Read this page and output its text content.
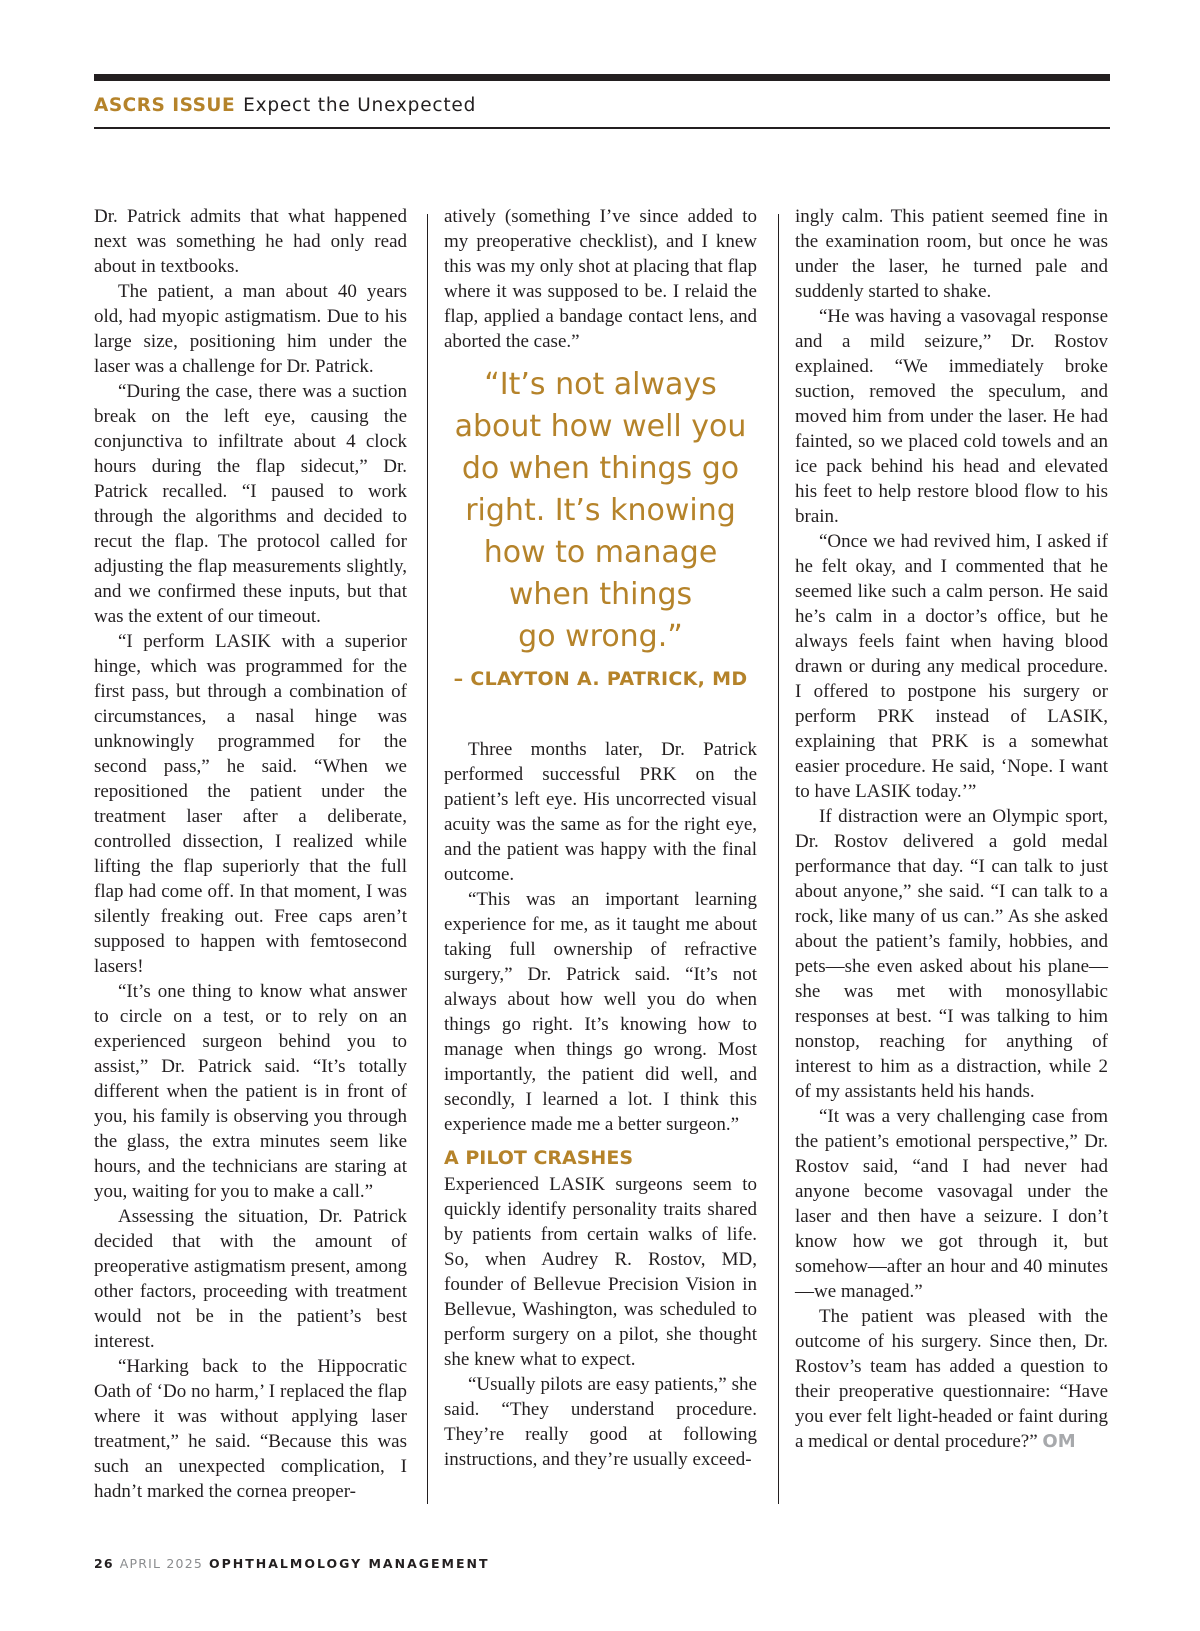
ASCRS ISSUE Expect the Unexpected

Dr. Patrick admits that what happened next was something he had only read about in textbooks.

The patient, a man about 40 years old, had myopic astigmatism. Due to his large size, positioning him under the laser was a challenge for Dr. Patrick.

“During the case, there was a suction break on the left eye, causing the conjunctiva to infiltrate about 4 clock hours during the flap sidecut,” Dr. Patrick recalled. “I paused to work through the algorithms and decided to recut the flap. The protocol called for adjusting the flap measurements slightly, and we confirmed these inputs, but that was the extent of our timeout.

“I perform LASIK with a superior hinge, which was programmed for the first pass, but through a combination of circumstances, a nasal hinge was unknowingly programmed for the second pass,” he said. “When we repositioned the patient under the treatment laser after a deliberate, controlled dissection, I realized while lifting the flap superiorly that the full flap had come off. In that moment, I was silently freaking out. Free caps aren’t supposed to happen with femtosecond lasers!

“It’s one thing to know what answer to circle on a test, or to rely on an experienced surgeon behind you to assist,” Dr. Patrick said. “It’s totally different when the patient is in front of you, his family is observing you through the glass, the extra minutes seem like hours, and the technicians are staring at you, waiting for you to make a call.”

Assessing the situation, Dr. Patrick decided that with the amount of preoperative astigmatism present, among other factors, proceeding with treatment would not be in the patient’s best interest.

“Harking back to the Hippocratic Oath of ‘Do no harm,’ I replaced the flap where it was without applying laser treatment,” he said. “Because this was such an unexpected complication, I hadn’t marked the cornea preoper-

atively (something I’ve since added to my preoperative checklist), and I knew this was my only shot at placing that flap where it was supposed to be. I relaid the flap, applied a bandage contact lens, and aborted the case.”

“It’s not always
about how well you
do when things go
right. It’s knowing
how to manage
when things
go wrong.”
– CLAYTON A. PATRICK, MD

Three months later, Dr. Patrick performed successful PRK on the patient’s left eye. His uncorrected visual acuity was the same as for the right eye, and the patient was happy with the final outcome.

“This was an important learning experience for me, as it taught me about taking full ownership of refractive surgery,” Dr. Patrick said. “It’s not always about how well you do when things go right. It’s knowing how to manage when things go wrong. Most importantly, the patient did well, and secondly, I learned a lot. I think this experience made me a better surgeon.”

A PILOT CRASHES

Experienced LASIK surgeons seem to quickly identify personality traits shared by patients from certain walks of life. So, when Audrey R. Rostov, MD, founder of Bellevue Precision Vision in Bellevue, Washington, was scheduled to perform surgery on a pilot, she thought she knew what to expect.

“Usually pilots are easy patients,” she said. “They understand procedure. They’re really good at following instructions, and they’re usually exceed-

ingly calm. This patient seemed fine in the examination room, but once he was under the laser, he turned pale and suddenly started to shake.

“He was having a vasovagal response and a mild seizure,” Dr. Rostov explained. “We immediately broke suction, removed the speculum, and moved him from under the laser. He had fainted, so we placed cold towels and an ice pack behind his head and elevated his feet to help restore blood flow to his brain.

“Once we had revived him, I asked if he felt okay, and I commented that he seemed like such a calm person. He said he’s calm in a doctor’s office, but he always feels faint when having blood drawn or during any medical procedure. I offered to postpone his surgery or perform PRK instead of LASIK, explaining that PRK is a somewhat easier procedure. He said, ‘Nope. I want to have LASIK today.’”

If distraction were an Olympic sport, Dr. Rostov delivered a gold medal performance that day. “I can talk to just about anyone,” she said. “I can talk to a rock, like many of us can.” As she asked about the patient’s family, hobbies, and pets—she even asked about his plane—she was met with monosyllabic responses at best. “I was talking to him nonstop, reaching for anything of interest to him as a distraction, while 2 of my assistants held his hands.

“It was a very challenging case from the patient’s emotional perspective,” Dr. Rostov said, “and I had never had anyone become vasovagal under the laser and then have a seizure. I don’t know how we got through it, but somehow—after an hour and 40 minutes—we managed.”

The patient was pleased with the outcome of his surgery. Since then, Dr. Rostov’s team has added a question to their preoperative questionnaire: “Have you ever felt light-headed or faint during a medical or dental procedure?” OM

26 APRIL 2025 OPHTHALMOLOGY MANAGEMENT
